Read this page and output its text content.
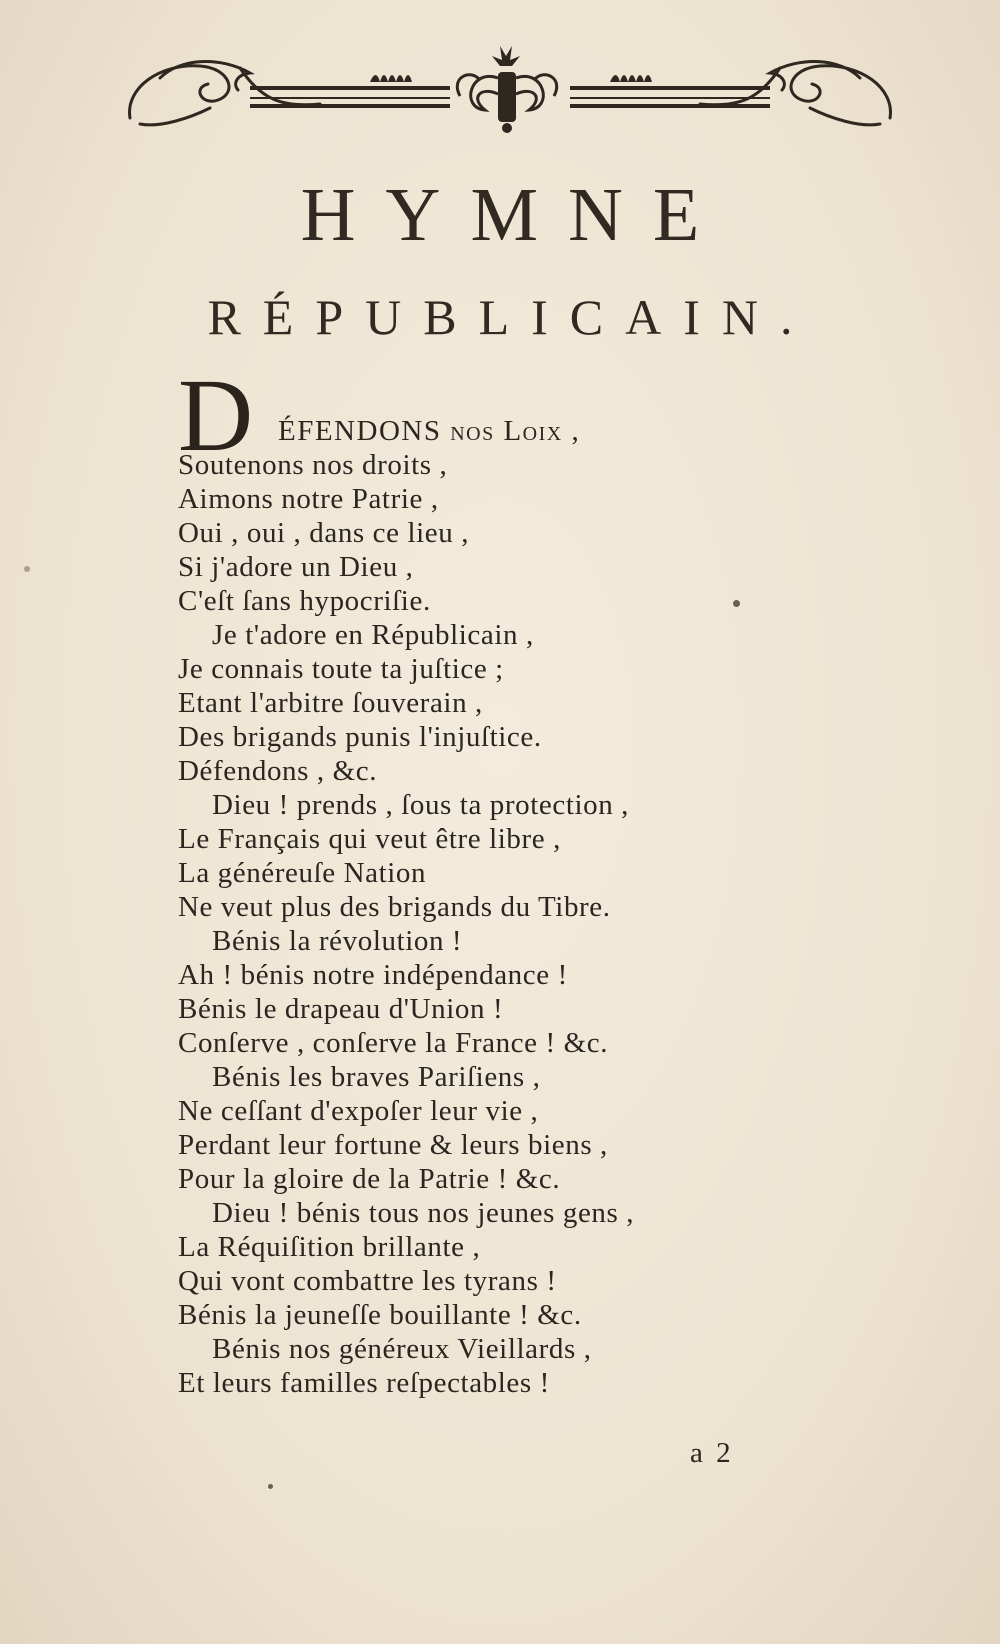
HYMNE
RÉPUBLICAIN.
D ÉFENDONS nos Loix ,
Soutenons nos droits ,
Aimons notre Patrie ,
Oui , oui , dans ce lieu ,
Si j'adore un Dieu ,
C'eſt ſans hypocriſie.
Je t'adore en Républicain ,
Je connais toute ta juſtice ;
Etant l'arbitre ſouverain ,
Des brigands punis l'injuſtice.
Défendons , &c.
Dieu ! prends , ſous ta protection ,
Le Français qui veut être libre ,
La généreuſe Nation
Ne veut plus des brigands du Tibre.
Bénis la révolution !
Ah ! bénis notre indépendance !
Bénis le drapeau d'Union !
Conſerve , conſerve la France ! &c.
Bénis les braves Pariſiens ,
Ne ceſſant d'expoſer leur vie ,
Perdant leur fortune & leurs biens ,
Pour la gloire de la Patrie ! &c.
Dieu ! bénis tous nos jeunes gens ,
La Réquiſition brillante ,
Qui vont combattre les tyrans !
Bénis la jeuneſſe bouillante ! &c.
Bénis nos généreux Vieillards ,
Et leurs familles reſpectables !
a 2
